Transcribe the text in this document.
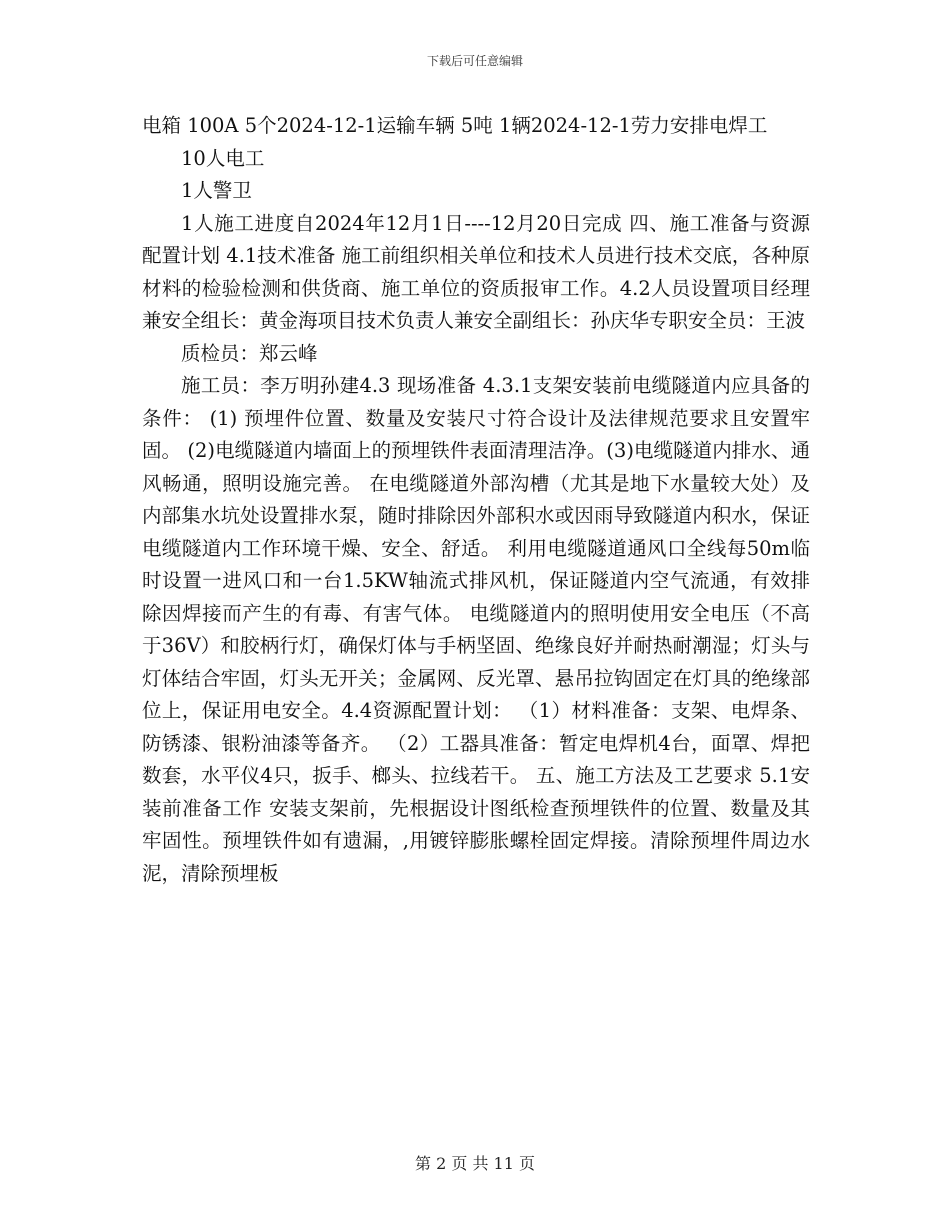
下载后可任意编辑

电箱 100A 5个2024-12-1运输车辆 5吨 1辆2024-12-1劳力安排电焊工

10人电工

1人警卫

1人施工进度自2024年12月1日----12月20日完成 四、施工准备与资源配置计划 4.1技术准备 施工前组织相关单位和技术人员进行技术交底，各种原材料的检验检测和供货商、施工单位的资质报审工作。4.2人员设置项目经理兼安全组长：黄金海项目技术负责人兼安全副组长：孙庆华专职安全员：王波

质检员：郑云峰

施工员：李万明孙建4.3 现场准备 4.3.1支架安装前电缆隧道内应具备的条件： (1) 预埋件位置、数量及安装尺寸符合设计及法律规范要求且安置牢固。 (2)电缆隧道内墙面上的预埋铁件表面清理洁净。(3)电缆隧道内排水、通风畅通，照明设施完善。 在电缆隧道外部沟槽（尤其是地下水量较大处）及内部集水坑处设置排水泵，随时排除因外部积水或因雨导致隧道内积水，保证电缆隧道内工作环境干燥、安全、舒适。 利用电缆隧道通风口全线每50m临时设置一进风口和一台1.5KW轴流式排风机，保证隧道内空气流通，有效排除因焊接而产生的有毒、有害气体。 电缆隧道内的照明使用安全电压（不高于36V）和胶柄行灯，确保灯体与手柄坚固、绝缘良好并耐热耐潮湿；灯头与灯体结合牢固，灯头无开关；金属网、反光罩、悬吊拉钩固定在灯具的绝缘部位上，保证用电安全。4.4资源配置计划： （1）材料准备：支架、电焊条、防锈漆、银粉油漆等备齐。 （2）工器具准备：暂定电焊机4台，面罩、焊把数套，水平仪4只，扳手、榔头、拉线若干。 五、施工方法及工艺要求 5.1安装前准备工作 安装支架前，先根据设计图纸检查预埋铁件的位置、数量及其牢固性。预埋铁件如有遗漏，,用镀锌膨胀螺栓固定焊接。清除预埋件周边水泥，清除预埋板

第 2 页 共 11 页
